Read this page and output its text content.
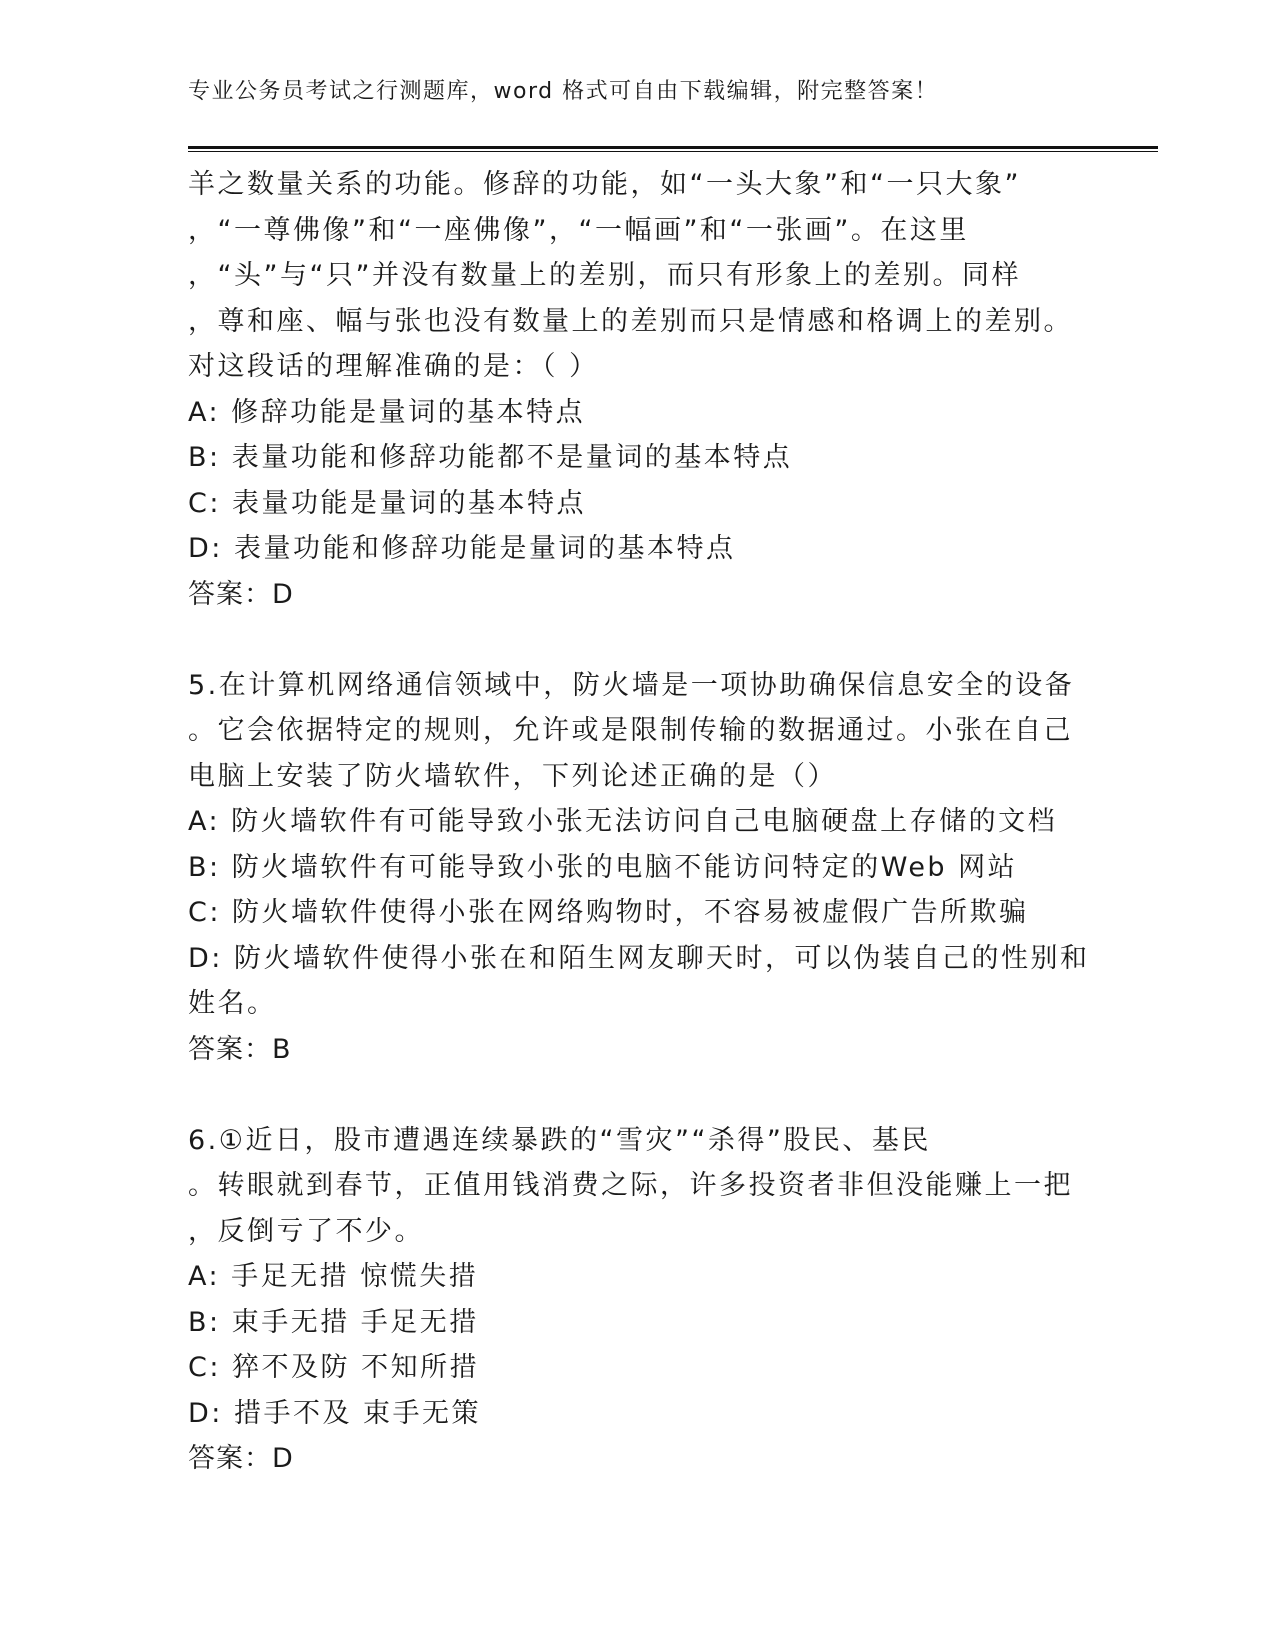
专业公务员考试之行测题库，word 格式可自由下载编辑，附完整答案！
羊之数量关系的功能。修辞的功能，如“一头大象”和“一只大象”
，“一尊佛像”和“一座佛像”，“一幅画”和“一张画”。在这里
，“头”与“只”并没有数量上的差别，而只有形象上的差别。同样
，尊和座、幅与张也没有数量上的差别而只是情感和格调上的差别。
对这段话的理解准确的是：（ ）
A: 修辞功能是量词的基本特点
B: 表量功能和修辞功能都不是量词的基本特点
C: 表量功能是量词的基本特点
D: 表量功能和修辞功能是量词的基本特点
答案：D
5.在计算机网络通信领域中，防火墙是一项协助确保信息安全的设备
。它会依据特定的规则，允许或是限制传输的数据通过。小张在自己
电脑上安装了防火墙软件，下列论述正确的是（）
A: 防火墙软件有可能导致小张无法访问自己电脑硬盘上存储的文档
B: 防火墙软件有可能导致小张的电脑不能访问特定的Web 网站
C: 防火墙软件使得小张在网络购物时，不容易被虚假广告所欺骗
D: 防火墙软件使得小张在和陌生网友聊天时，可以伪装自己的性别和
姓名。
答案：B
6.①近日，股市遭遇连续暴跌的“雪灾”“杀得”股民、基民
。转眼就到春节，正值用钱消费之际，许多投资者非但没能赚上一把
，反倒亏了不少。
A: 手足无措 惊慌失措
B: 束手无措 手足无措
C: 猝不及防 不知所措
D: 措手不及 束手无策
答案：D
